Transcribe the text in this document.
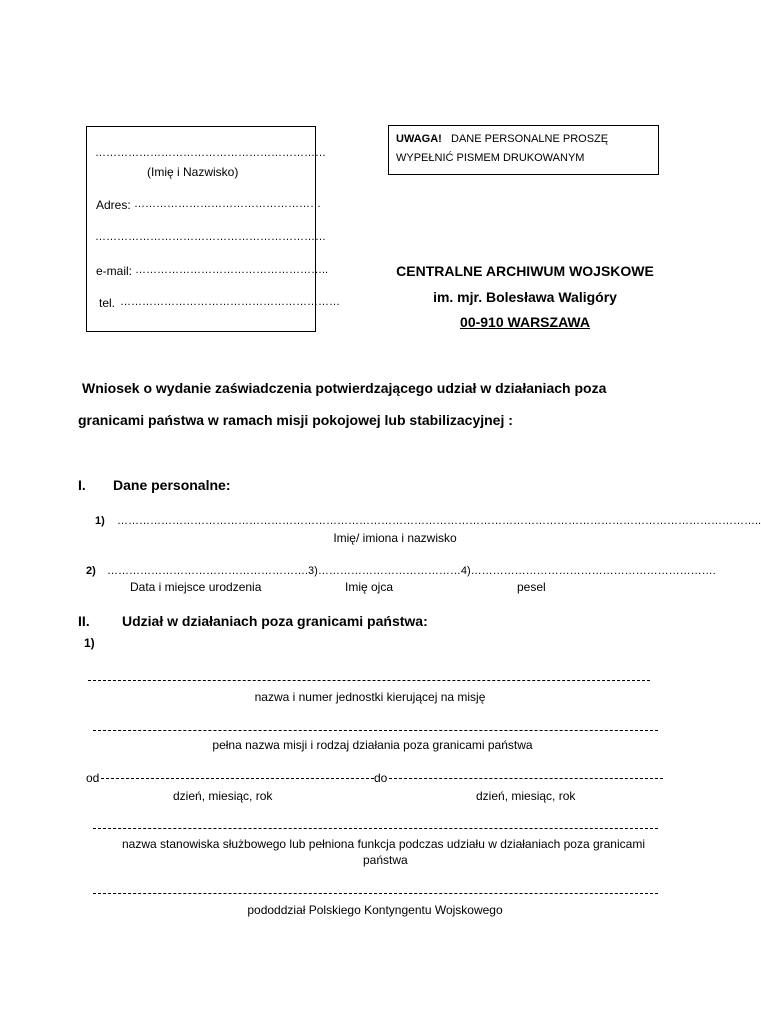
………………………………………………………
(Imię i Nazwisko)
Adres: ……………………………………………
………………………………………………………
e-mail: ……………………………………………..
tel. ……………………………………………………
UWAGA! DANE PERSONALNE PROSZĘ
WYPEŁNIĆ PISMEM DRUKOWANYM
CENTRALNE ARCHIWUM WOJSKOWE
im. mjr. Bolesława Waligóry
00-910 WARSZAWA
Wniosek o wydanie zaświadczenia potwierdzającego udział w działaniach poza
granicami państwa w ramach misji pokojowej lub stabilizacyjnej :
I. Dane personalne:
1) …………………………………………………………………………………………………………………………………………………………..
Imię/ imiona i nazwisko
2) ……………………………………………….3)…………………………………4)………………………………………………………….
Data i miejsce urodzenia	Imię ojca	pesel
II. Udział w działaniach poza granicami państwa:
1)
nazwa i numer jednostki kierującej na misję
pełna nazwa misji i rodzaj działania poza granicami państwa
od	do
dzień, miesiąc, rok	dzień, miesiąc, rok
nazwa stanowiska służbowego lub pełniona funkcja podczas udziału w działaniach poza granicami
państwa
pododdział Polskiego Kontyngentu Wojskowego
